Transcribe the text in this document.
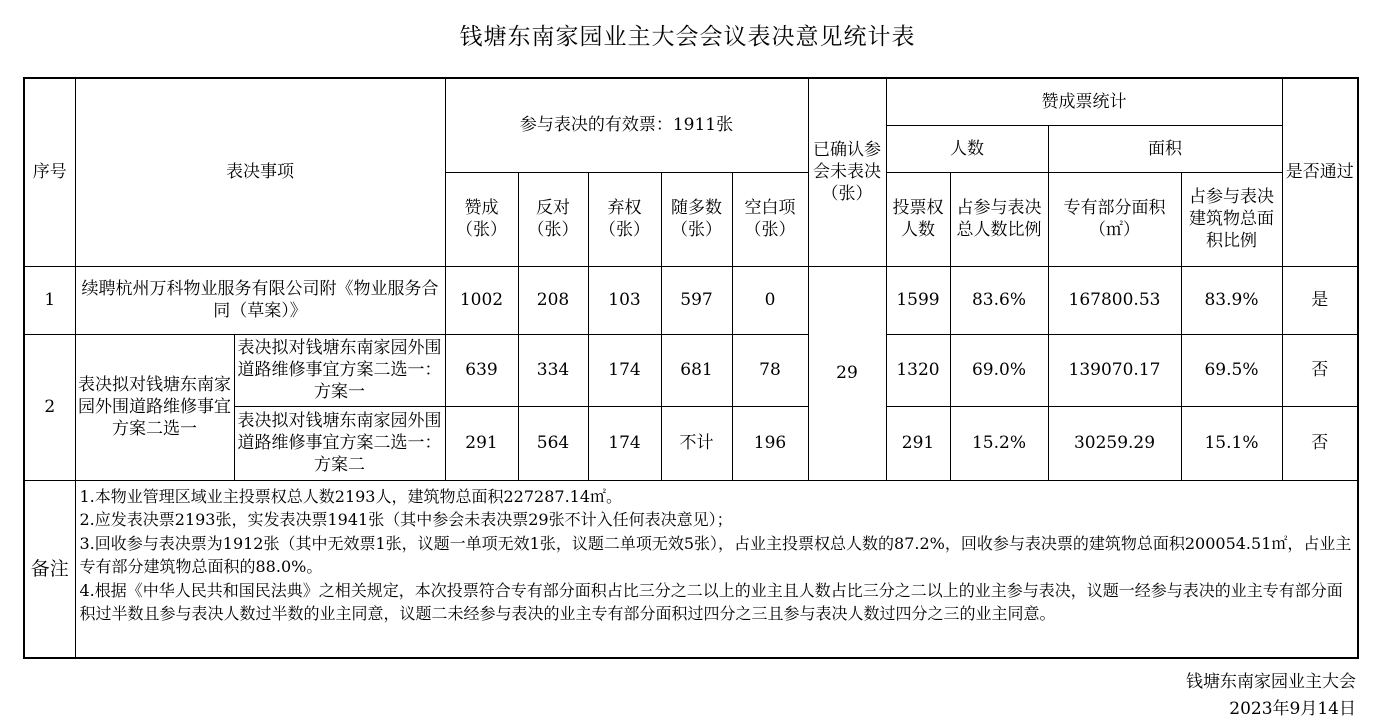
钱塘东南家园业主大会会议表决意见统计表
序号	表决事项		参与表决的有效票：1911张					已确认参会未表决（张）	赞成票统计				是否通过
									人数		面积		
			赞成（张）	反对（张）	弃权（张）	随多数（张）	空白项（张）		投票权人数	占参与表决总人数比例	专有部分面积（㎡）	占参与表决建筑物总面积比例	
1	续聘杭州万科物业服务有限公司附《物业服务合同（草案）》		1002	208	103	597	0	29	1599	83.6%	167800.53	83.9%	是
2	表决拟对钱塘东南家园外围道路维修事宜方案二选一	表决拟对钱塘东南家园外围道路维修事宜方案二选一：方案一	639	334	174	681	78		1320	69.0%	139070.17	69.5%	否
		表决拟对钱塘东南家园外围道路维修事宜方案二选一：方案二	291	564	174	不计	196		291	15.2%	30259.29	15.1%	否
备注	1.本物业管理区域业主投票权总人数2193人，建筑物总面积227287.14㎡。
2.应发表决票2193张，实发表决票1941张（其中参会未表决票29张不计入任何表决意见）；
3.回收参与表决票为1912张（其中无效票1张，议题一单项无效1张，议题二单项无效5张），占业主投票权总人数的87.2%，回收参与表决票的建筑物总面积200054.51㎡，占业主专有部分建筑物总面积的88.0%。
4.根据《中华人民共和国民法典》之相关规定，本次投票符合专有部分面积占比三分之二以上的业主且人数占比三分之二以上的业主参与表决，议题一经参与表决的业主专有部分面积过半数且参与表决人数过半数的业主同意，议题二未经参与表决的业主专有部分面积过四分之三且参与表决人数过四分之三的业主同意。												
钱塘东南家园业主大会
2023年9月14日
